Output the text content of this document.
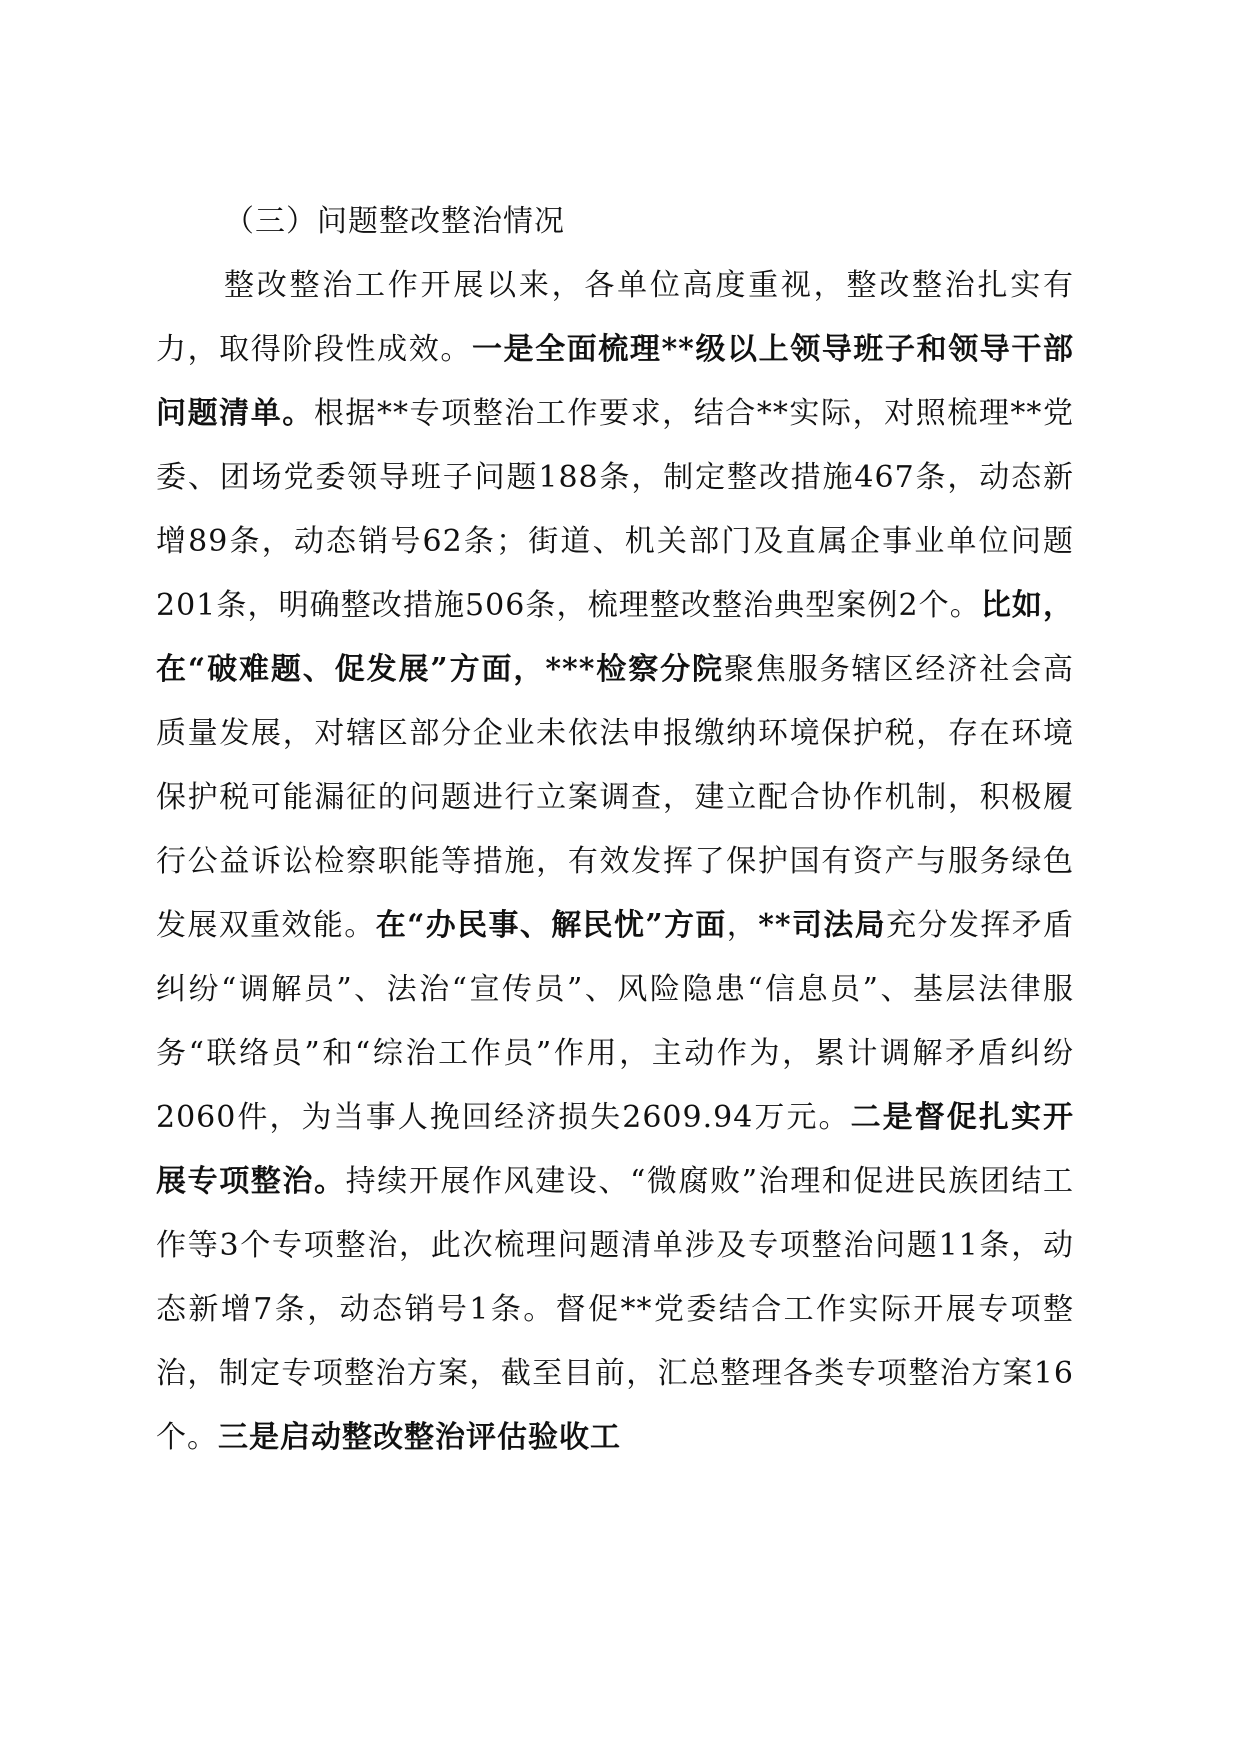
（三）问题整改整治情况

整改整治工作开展以来，各单位高度重视，整改整治扎实有力，取得阶段性成效。一是全面梳理**级以上领导班子和领导干部问题清单。根据**专项整治工作要求，结合**实际，对照梳理**党委、团场党委领导班子问题188条，制定整改措施467条，动态新增89条，动态销号62条；街道、机关部门及直属企事业单位问题201条，明确整改措施506条，梳理整改整治典型案例2个。比如，在“破难题、促发展”方面，***检察分院聚焦服务辖区经济社会高质量发展，对辖区部分企业未依法申报缴纳环境保护税，存在环境保护税可能漏征的问题进行立案调查，建立配合协作机制，积极履行公益诉讼检察职能等措施，有效发挥了保护国有资产与服务绿色发展双重效能。在“办民事、解民忧”方面，**司法局充分发挥矛盾纠纷“调解员”、法治“宣传员”、风险隐患“信息员”、基层法律服务“联络员”和“综治工作员”作用，主动作为，累计调解矛盾纠纷2060件，为当事人挽回经济损失2609.94万元。二是督促扎实开展专项整治。持续开展作风建设、“微腐败”治理和促进民族团结工作等3个专项整治，此次梳理问题清单涉及专项整治问题11条，动态新增7条，动态销号1条。督促**党委结合工作实际开展专项整治，制定专项整治方案，截至目前，汇总整理各类专项整治方案16个。三是启动整改整治评估验收工
